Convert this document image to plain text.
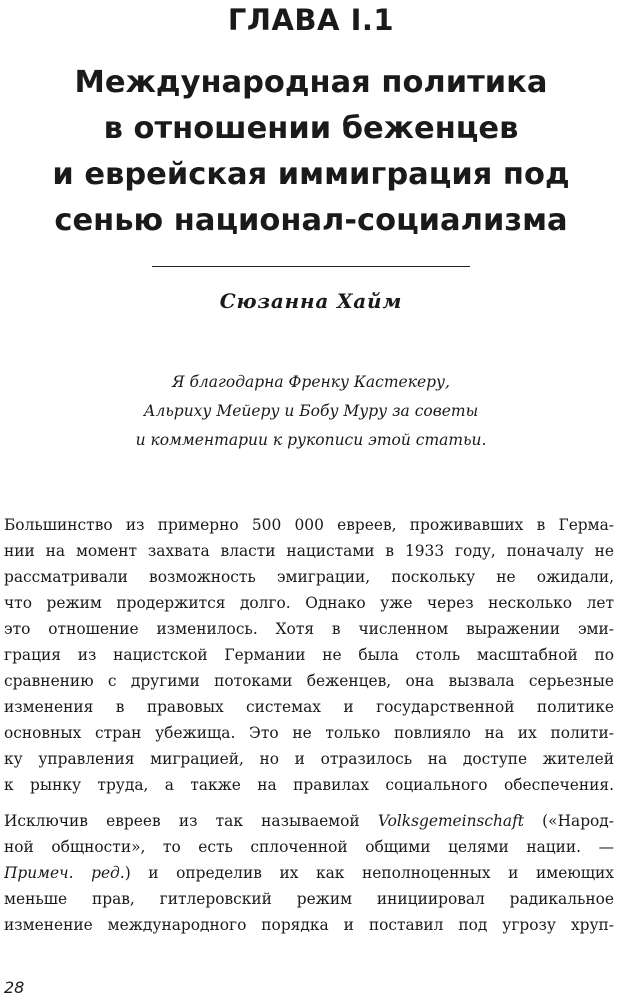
ГЛАВА I.1
Международная политика
в отношении беженцев
и еврейская иммиграция под
сенью национал-социализма
Сюзанна Хайм
Я благодарна Френку Кастекеру,
Альриху Мейеру и Бобу Муру за советы
и комментарии к рукописи этой статьи.
Большинство из примерно 500 000 евреев, проживавших в Герма-
нии на момент захвата власти нацистами в 1933 году, поначалу не
рассматривали возможность эмиграции, поскольку не ожидали,
что режим продержится долго. Однако уже через несколько лет
это отношение изменилось. Хотя в численном выражении эми-
грация из нацистской Германии не была столь масштабной по
сравнению с другими потоками беженцев, она вызвала серьезные
изменения в правовых системах и государственной политике
основных стран убежища. Это не только повлияло на их полити-
ку управления миграцией, но и отразилось на доступе жителей
к рынку труда, а также на правилах социального обеспечения.
Исключив евреев из так называемой Volksgemeinschaft («Народ-
ной общности», то есть сплоченной общими целями нации. —
Примеч. ред.) и определив их как неполноценных и имеющих
меньше прав, гитлеровский режим инициировал радикальное
изменение международного порядка и поставил под угрозу хруп-
28
